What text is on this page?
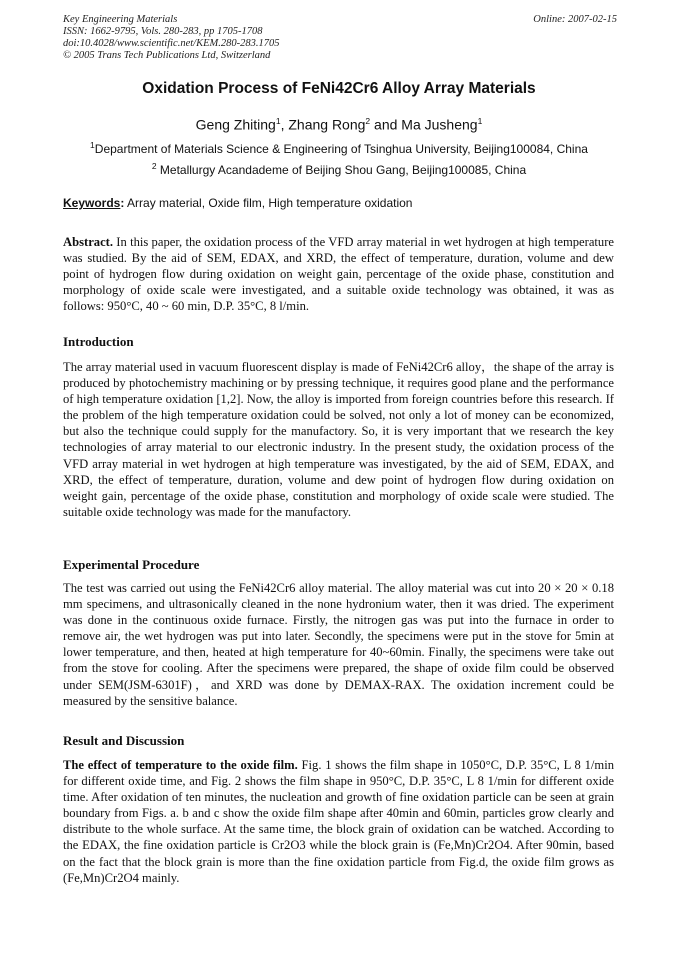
Key Engineering Materials
ISSN: 1662-9795, Vols. 280-283, pp 1705-1708
doi:10.4028/www.scientific.net/KEM.280-283.1705
© 2005 Trans Tech Publications Ltd, Switzerland
Online: 2007-02-15
Oxidation Process of FeNi42Cr6 Alloy Array Materials
Geng Zhiting$^1$, Zhang Rong$^2$ and Ma Jusheng$^1$
$^1$Department of Materials Science & Engineering of Tsinghua University, Beijing100084, China
$^2$ Metallurgy Acandademe of Beijing Shou Gang, Beijing100085, China
Keywords: Array material, Oxide film, High temperature oxidation

Abstract. In this paper, the oxidation process of the VFD array material in wet hydrogen at high temperature was studied. By the aid of SEM, EDAX, and XRD, the effect of temperature, duration, volume and dew point of hydrogen flow during oxidation on weight gain, percentage of the oxide phase, constitution and morphology of oxide scale were investigated, and a suitable oxide technology was obtained, it was as follows: 950°C, 40 ~ 60 min, D.P. 35°C, 8 l/min.

Introduction

The array material used in vacuum fluorescent display is made of FeNi42Cr6 alloy，the shape of the array is produced by photochemistry machining or by pressing technique, it requires good plane and the performance of high temperature oxidation [1,2]. Now, the alloy is imported from foreign countries before this research. If the problem of the high temperature oxidation could be solved, not only a lot of money can be economized, but also the technique could supply for the manufactory. So, it is very important that we research the key technologies of array material to our electronic industry. In the present study, the oxidation process of the VFD array material in wet hydrogen at high temperature was investigated, by the aid of SEM, EDAX, and XRD, the effect of temperature, duration, volume and dew point of hydrogen flow during oxidation on weight gain, percentage of the oxide phase, constitution and morphology of oxide scale were studied. The suitable oxide technology was made for the manufactory.

Experimental Procedure

The test was carried out using the FeNi42Cr6 alloy material. The alloy material was cut into 20 × 20 × 0.18 mm specimens, and ultrasonically cleaned in the none hydronium water, then it was dried. The experiment was done in the continuous oxide furnace. Firstly, the nitrogen gas was put into the furnace in order to remove air, the wet hydrogen was put into later. Secondly, the specimens were put in the stove for 5min at lower temperature, and then, heated at high temperature for 40~60min. Finally, the specimens were take out from the stove for cooling. After the specimens were prepared, the shape of oxide film could be observed under SEM(JSM-6301F)，and XRD was done by DEMAX-RAX. The oxidation increment could be measured by the sensitive balance.

Result and Discussion

The effect of temperature to the oxide film. Fig. 1 shows the film shape in 1050°C, D.P. 35°C, L 8 1/min for different oxide time, and Fig. 2 shows the film shape in 950°C, D.P. 35°C, L 8 1/min for different oxide time. After oxidation of ten minutes, the nucleation and growth of fine oxidation particle can be seen at grain boundary from Figs. a. b and c show the oxide film shape after 40min and 60min, particles grow clearly and distribute to the whole surface. At the same time, the block grain of oxidation can be watched. According to the EDAX, the fine oxidation particle is Cr2O3 while the block grain is (Fe,Mn)Cr2O4. After 90min, based on the fact that the block grain is more than the fine oxidation particle from Fig.d, the oxide film grows as (Fe,Mn)Cr2O4 mainly.
